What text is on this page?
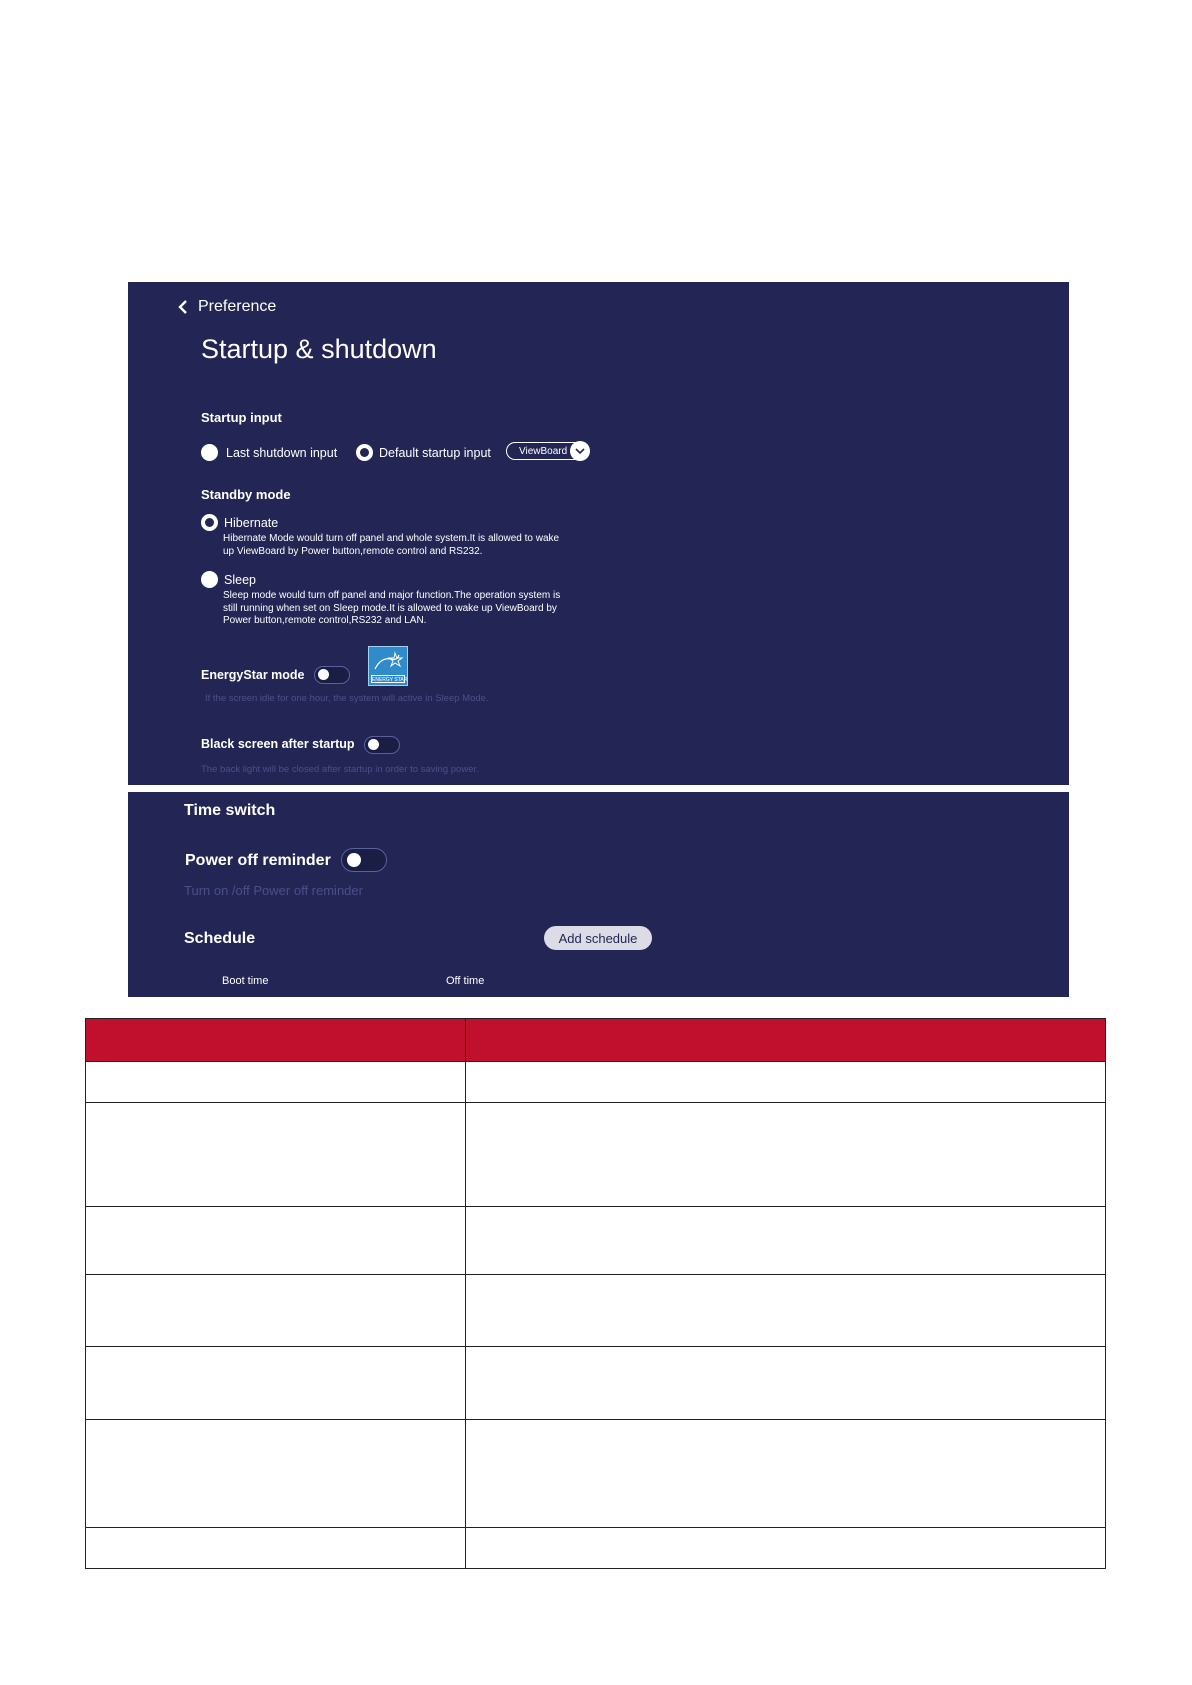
Preference
Startup & shutdown
Startup input
Last shutdown input	Default startup input	ViewBoard
Standby mode
Hibernate
Hibernate Mode would turn off panel and whole system.It is allowed to wake up ViewBoard by Power button,remote control and RS232.
Sleep
Sleep mode would turn off panel and major function.The operation system is still running when set on Sleep mode.It is allowed to wake up ViewBoard by Power button,remote control,RS232 and LAN.
EnergyStar mode	ENERGY STAR
If the screen idle for one hour, the system will active in Sleep Mode.
Black screen after startup
The back light will be closed after startup in order to saving power.
Time switch
Power off reminder
Turn on /off Power off reminder
Schedule	Add schedule
Boot time	Off time
